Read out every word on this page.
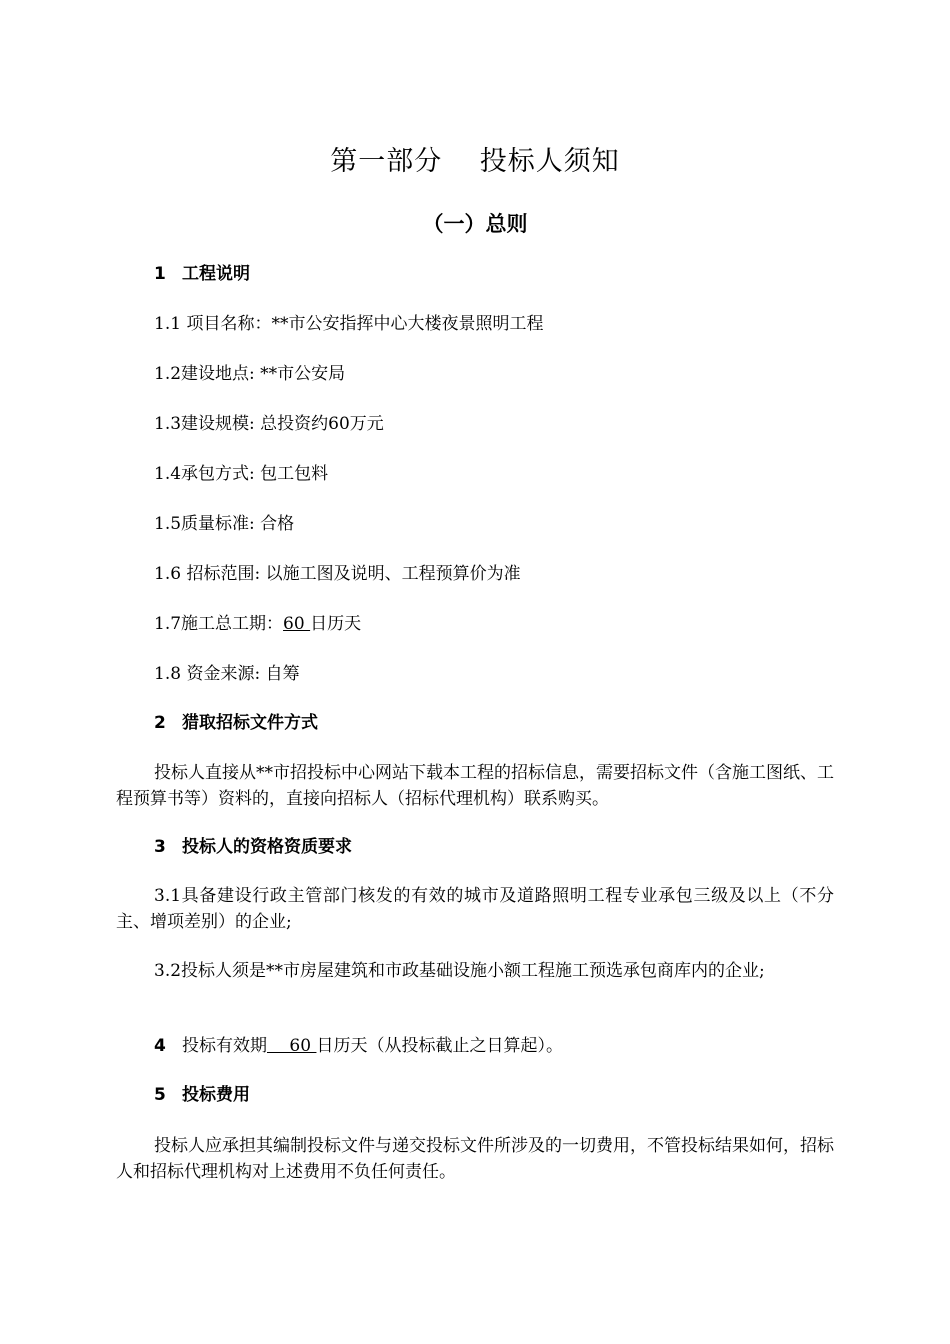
第一部分　 投标人须知
（一）总则
1 工程说明
1.1 项目名称：**市公安指挥中心大楼夜景照明工程
1.2建设地点: **市公安局
1.3建设规模: 总投资约60万元
1.4承包方式: 包工包料
1.5质量标准: 合格
1.6 招标范围: 以施工图及说明、工程预算价为准
1.7施工总工期：60 日历天
1.8 资金来源: 自筹
2 猎取招标文件方式
投标人直接从**市招投标中心网站下载本工程的招标信息，需要招标文件（含施工图纸、工程预算书等）资料的，直接向招标人（招标代理机构）联系购买。
3 投标人的资格资质要求
3.1具备建设行政主管部门核发的有效的城市及道路照明工程专业承包三级及以上（不分主、增项差别）的企业;
3.2投标人须是**市房屋建筑和市政基础设施小额工程施工预选承包商库内的企业;
4 投标有效期　 60 日历天（从投标截止之日算起）。
5 投标费用
投标人应承担其编制投标文件与递交投标文件所涉及的一切费用，不管投标结果如何，招标人和招标代理机构对上述费用不负任何责任。
